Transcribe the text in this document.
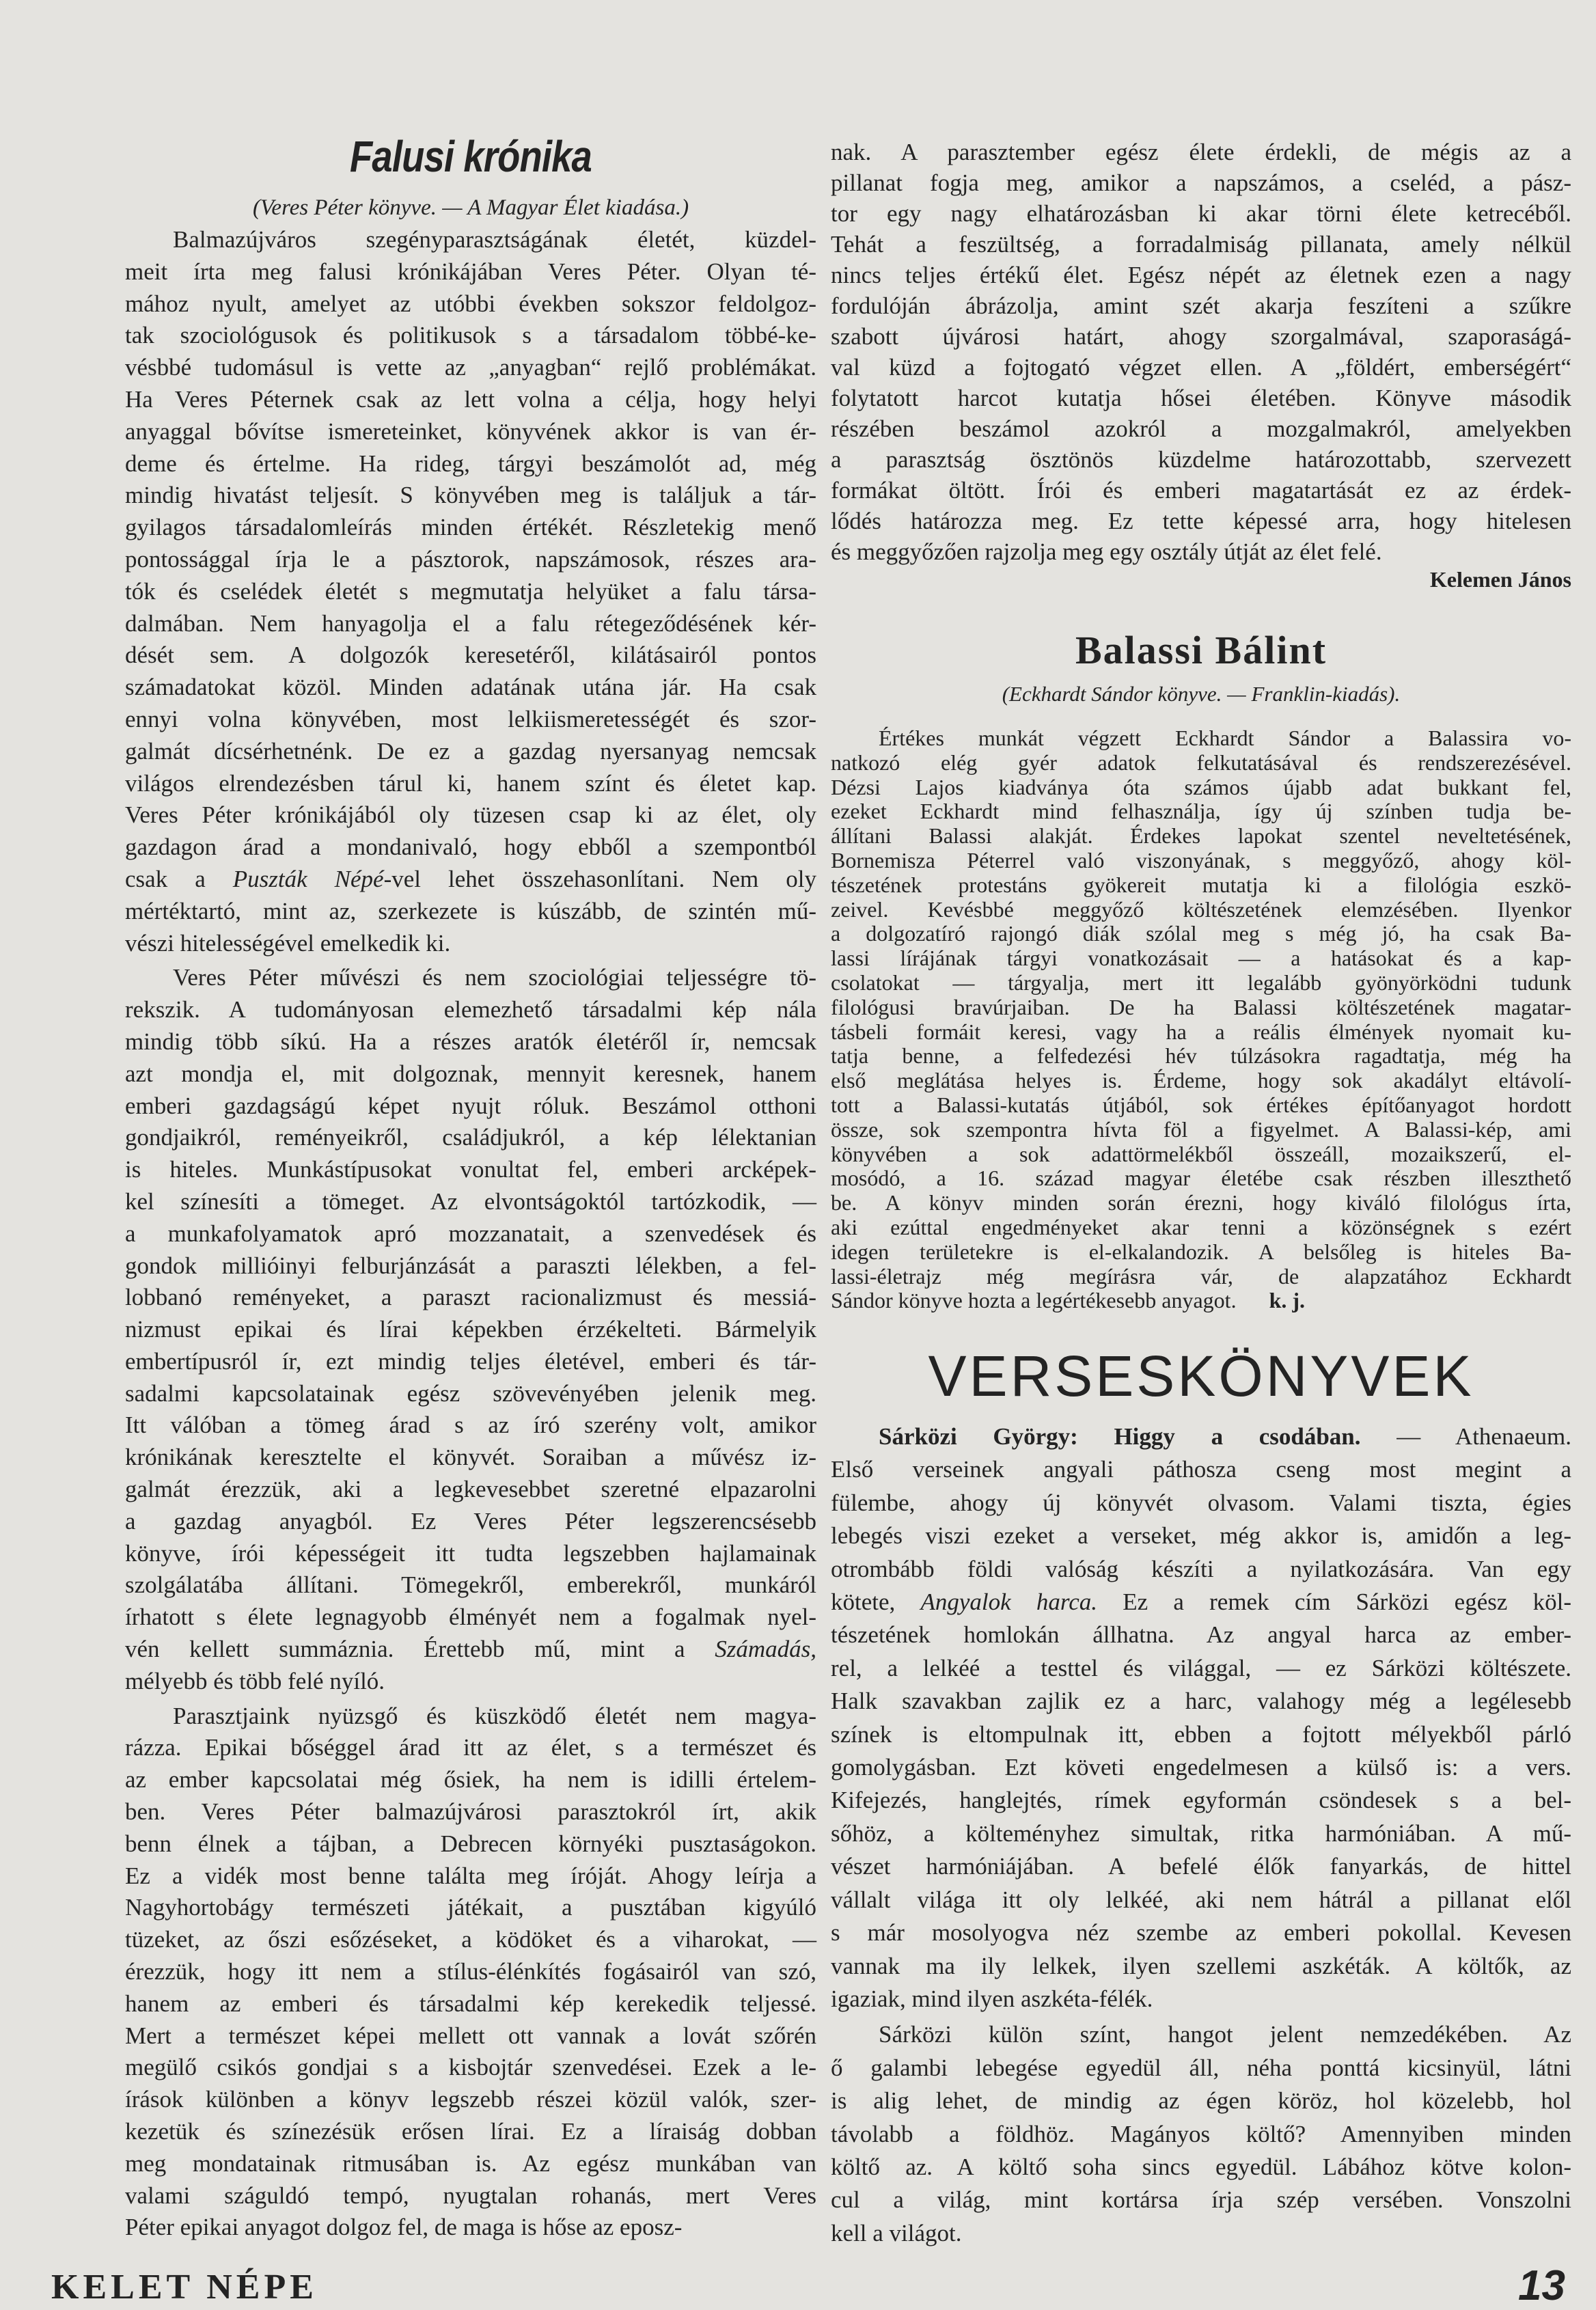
Falusi krónika
(Veres Péter könyve. — A Magyar Élet kiadása.)
Balmazújváros szegényparasztságának életét, küzdel-
meit írta meg falusi krónikájában Veres Péter. Olyan té-
mához nyult, amelyet az utóbbi években sokszor feldolgoz-
tak szociológusok és politikusok s a társadalom többé-ke-
vésbbé tudomásul is vette az „anyagban“ rejlő problémákat.
Ha Veres Péternek csak az lett volna a célja, hogy helyi
anyaggal bővítse ismereteinket, könyvének akkor is van ér-
deme és értelme. Ha rideg, tárgyi beszámolót ad, még
mindig hivatást teljesít. S könyvében meg is találjuk a tár-
gyilagos társadalomleírás minden értékét. Részletekig menő
pontossággal írja le a pásztorok, napszámosok, részes ara-
tók és cselédek életét s megmutatja helyüket a falu társa-
dalmában. Nem hanyagolja el a falu rétegeződésének kér-
dését sem. A dolgozók keresetéről, kilátásairól pontos
számadatokat közöl. Minden adatának utána jár. Ha csak
ennyi volna könyvében, most lelkiismeretességét és szor-
galmát dícsérhetnénk. De ez a gazdag nyersanyag nemcsak
világos elrendezésben tárul ki, hanem színt és életet kap.
Veres Péter krónikájából oly tüzesen csap ki az élet, oly
gazdagon árad a mondanivaló, hogy ebből a szempontból
csak a Puszták Népé-vel lehet összehasonlítani. Nem oly
mértéktartó, mint az, szerkezete is kúszább, de szintén mű-
vészi hitelességével emelkedik ki.
Veres Péter művészi és nem szociológiai teljességre tö-
rekszik. A tudományosan elemezhető társadalmi kép nála
mindig több síkú. Ha a részes aratók életéről ír, nemcsak
azt mondja el, mit dolgoznak, mennyit keresnek, hanem
emberi gazdagságú képet nyujt róluk. Beszámol otthoni
gondjaikról, reményeikről, családjukról, a kép lélektanian
is hiteles. Munkástípusokat vonultat fel, emberi arcképek-
kel színesíti a tömeget. Az elvontságoktól tartózkodik, —
a munkafolyamatok apró mozzanatait, a szenvedések és
gondok millióinyi felburjánzását a paraszti lélekben, a fel-
lobbanó reményeket, a paraszt racionalizmust és messiá-
nizmust epikai és lírai képekben érzékelteti. Bármelyik
embertípusról ír, ezt mindig teljes életével, emberi és tár-
sadalmi kapcsolatainak egész szövevényében jelenik meg.
Itt válóban a tömeg árad s az író szerény volt, amikor
krónikának keresztelte el könyvét. Soraiban a művész iz-
galmát érezzük, aki a legkevesebbet szeretné elpazarolni
a gazdag anyagból. Ez Veres Péter legszerencsésebb
könyve, írói képességeit itt tudta legszebben hajlamainak
szolgálatába állítani. Tömegekről, emberekről, munkáról
írhatott s élete legnagyobb élményét nem a fogalmak nyel-
vén kellett summáznia. Érettebb mű, mint a Számadás,
mélyebb és több felé nyíló.
Parasztjaink nyüzsgő és küszködő életét nem magya-
rázza. Epikai bőséggel árad itt az élet, s a természet és
az ember kapcsolatai még ősiek, ha nem is idilli értelem-
ben. Veres Péter balmazújvárosi parasztokról írt, akik
benn élnek a tájban, a Debrecen környéki pusztaságokon.
Ez a vidék most benne találta meg íróját. Ahogy leírja a
Nagyhortobágy természeti játékait, a pusztában kigyúló
tüzeket, az őszi esőzéseket, a ködöket és a viharokat, —
érezzük, hogy itt nem a stílus-élénkítés fogásairól van szó,
hanem az emberi és társadalmi kép kerekedik teljessé.
Mert a természet képei mellett ott vannak a lovát szőrén
megülő csikós gondjai s a kisbojtár szenvedései. Ezek a le-
írások különben a könyv legszebb részei közül valók, szer-
kezetük és színezésük erősen lírai. Ez a líraiság dobban
meg mondatainak ritmusában is. Az egész munkában van
valami száguldó tempó, nyugtalan rohanás, mert Veres
Péter epikai anyagot dolgoz fel, de maga is hőse az eposz-
nak. A parasztember egész élete érdekli, de mégis az a
pillanat fogja meg, amikor a napszámos, a cseléd, a pász-
tor egy nagy elhatározásban ki akar törni élete ketrecéből.
Tehát a feszültség, a forradalmiság pillanata, amely nélkül
nincs teljes értékű élet. Egész népét az életnek ezen a nagy
fordulóján ábrázolja, amint szét akarja feszíteni a szűkre
szabott újvárosi határt, ahogy szorgalmával, szaporaságá-
val küzd a fojtogató végzet ellen. A „földért, emberségért“
folytatott harcot kutatja hősei életében. Könyve második
részében beszámol azokról a mozgalmakról, amelyekben
a parasztság ösztönös küzdelme határozottabb, szervezett
formákat öltött. Írói és emberi magatartását ez az érdek-
lődés határozza meg. Ez tette képessé arra, hogy hitelesen
és meggyőzően rajzolja meg egy osztály útját az élet felé.
Kelemen János
Balassi Bálint
(Eckhardt Sándor könyve. — Franklin-kiadás).
Értékes munkát végzett Eckhardt Sándor a Balassira vo-
natkozó elég gyér adatok felkutatásával és rendszerezésével.
Dézsi Lajos kiadványa óta számos újabb adat bukkant fel,
ezeket Eckhardt mind felhasználja, így új színben tudja be-
állítani Balassi alakját. Érdekes lapokat szentel neveltetésének,
Bornemisza Péterrel való viszonyának, s meggyőző, ahogy köl-
tészetének protestáns gyökereit mutatja ki a filológia eszkö-
zeivel. Kevésbbé meggyőző költészetének elemzésében. Ilyenkor
a dolgozatíró rajongó diák szólal meg s még jó, ha csak Ba-
lassi lírájának tárgyi vonatkozásait — a hatásokat és a kap-
csolatokat — tárgyalja, mert itt legalább gyönyörködni tudunk
filológusi bravúrjaiban. De ha Balassi költészetének magatar-
tásbeli formáit keresi, vagy ha a reális élmények nyomait ku-
tatja benne, a felfedezési hév túlzásokra ragadtatja, még ha
első meglátása helyes is. Érdeme, hogy sok akadályt eltávolí-
tott a Balassi-kutatás útjából, sok értékes építőanyagot hordott
össze, sok szempontra hívta föl a figyelmet. A Balassi-kép, ami
könyvében a sok adattörmelékből összeáll, mozaikszerű, el-
mosódó, a 16. század magyar életébe csak részben illeszthető
be. A könyv minden során érezni, hogy kiváló filológus írta,
aki ezúttal engedményeket akar tenni a közönségnek s ezért
idegen területekre is el-elkalandozik. A belsőleg is hiteles Ba-
lassi-életrajz még megírásra vár, de alapzatához Eckhardt
Sándor könyve hozta a legértékesebb anyagot.      k. j.
VERSESKÖNYVEK
Sárközi György: Higgy a csodában. — Athenaeum.
Első verseinek angyali páthosza cseng most megint a
fülembe, ahogy új könyvét olvasom. Valami tiszta, égies
lebegés viszi ezeket a verseket, még akkor is, amidőn a leg-
otrombább földi valóság készíti a nyilatkozására. Van egy
kötete, Angyalok harca. Ez a remek cím Sárközi egész köl-
tészetének homlokán állhatna. Az angyal harca az ember-
rel, a lelkéé a testtel és világgal, — ez Sárközi költészete.
Halk szavakban zajlik ez a harc, valahogy még a legélesebb
színek is eltompulnak itt, ebben a fojtott mélyekből párló
gomolygásban. Ezt követi engedelmesen a külső is: a vers.
Kifejezés, hanglejtés, rímek egyformán csöndesek s a bel-
sőhöz, a költeményhez simultak, ritka harmóniában. A mű-
vészet harmóniájában. A befelé élők fanyarkás, de hittel
vállalt világa itt oly lelkéé, aki nem hátrál a pillanat elől
s már mosolyogva néz szembe az emberi pokollal. Kevesen
vannak ma ily lelkek, ilyen szellemi aszkéták. A költők, az
igaziak, mind ilyen aszkéta-félék.
Sárközi külön színt, hangot jelent nemzedékében. Az
ő galambi lebegése egyedül áll, néha ponttá kicsinyül, látni
is alig lehet, de mindig az égen köröz, hol közelebb, hol
távolabb a földhöz. Magányos költő? Amennyiben minden
költő az. A költő soha sincs egyedül. Lábához kötve kolon-
cul a világ, mint kortársa írja szép versében. Vonszolni
kell a világot.
KELET NÉPE	13
